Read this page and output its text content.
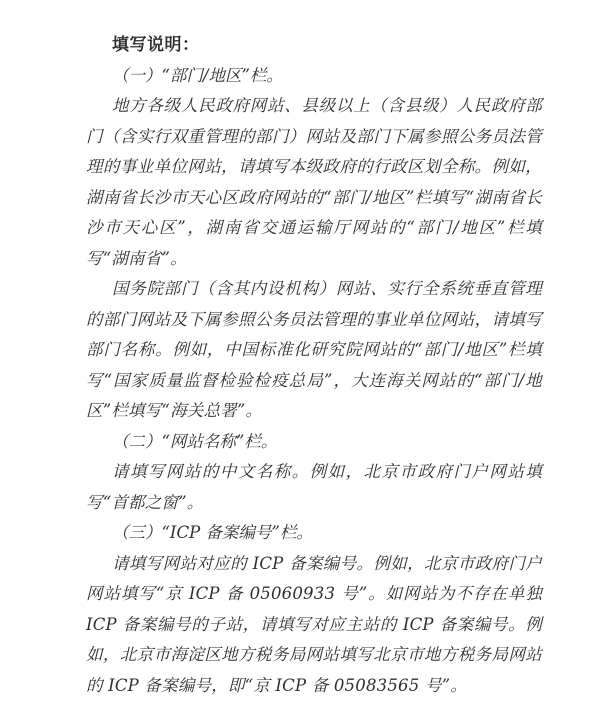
填写说明：

（一）“部门/地区”栏。

地方各级人民政府网站、县级以上（含县级）人民政府部门（含实行双重管理的部门）网站及部门下属参照公务员法管理的事业单位网站，请填写本级政府的行政区划全称。例如，湖南省长沙市天心区政府网站的“部门/地区”栏填写“湖南省长沙市天心区”，湖南省交通运输厅网站的“部门/地区”栏填写“湖南省”。

国务院部门（含其内设机构）网站、实行全系统垂直管理的部门网站及下属参照公务员法管理的事业单位网站，请填写部门名称。例如，中国标准化研究院网站的“部门/地区”栏填写“国家质量监督检验检疫总局”，大连海关网站的“部门/地区”栏填写“海关总署”。

（二）“网站名称”栏。

请填写网站的中文名称。例如，北京市政府门户网站填写“首都之窗”。

（三）“ICP 备案编号”栏。

请填写网站对应的 ICP 备案编号。例如，北京市政府门户网站填写“京 ICP 备 05060933 号”。如网站为不存在单独 ICP 备案编号的子站，请填写对应主站的 ICP 备案编号。例如，北京市海淀区地方税务局网站填写北京市地方税务局网站的 ICP 备案编号，即“京 ICP 备 05083565 号”。
